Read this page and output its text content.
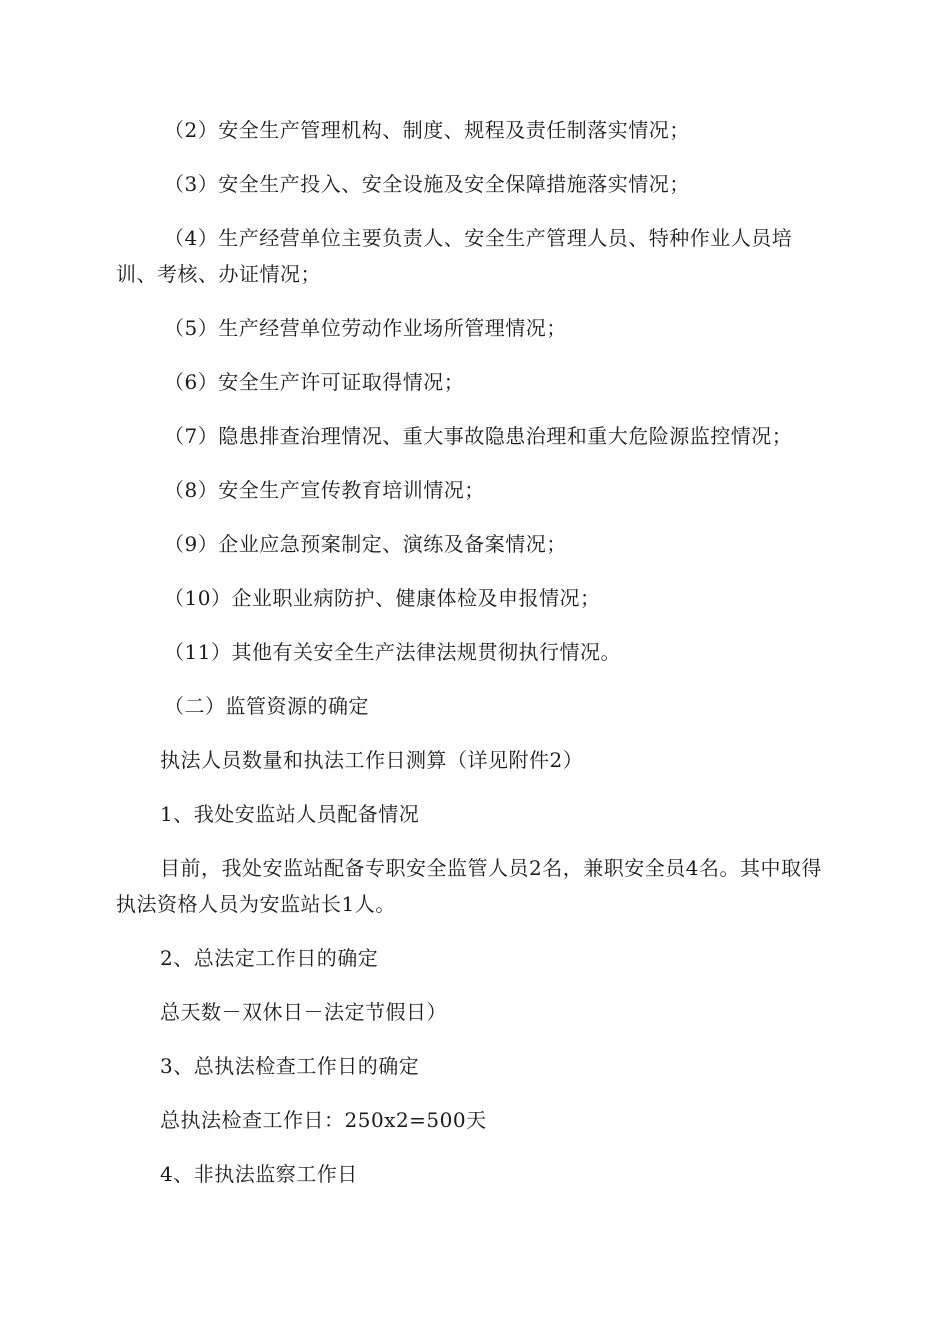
（2）安全生产管理机构、制度、规程及责任制落实情况；

（3）安全生产投入、安全设施及安全保障措施落实情况；

（4）生产经营单位主要负责人、安全生产管理人员、特种作业人员培训、考核、办证情况；

（5）生产经营单位劳动作业场所管理情况；

（6）安全生产许可证取得情况；

（7）隐患排查治理情况、重大事故隐患治理和重大危险源监控情况；

（8）安全生产宣传教育培训情况；

（9）企业应急预案制定、演练及备案情况；

（10）企业职业病防护、健康体检及申报情况；

（11）其他有关安全生产法律法规贯彻执行情况。

（二）监管资源的确定

执法人员数量和执法工作日测算（详见附件2）

1、我处安监站人员配备情况

目前，我处安监站配备专职安全监管人员2名，兼职安全员4名。其中取得执法资格人员为安监站长1人。

2、总法定工作日的确定

总天数－双休日－法定节假日）

3、总执法检查工作日的确定

总执法检查工作日：250x2=500天

4、非执法监察工作日
